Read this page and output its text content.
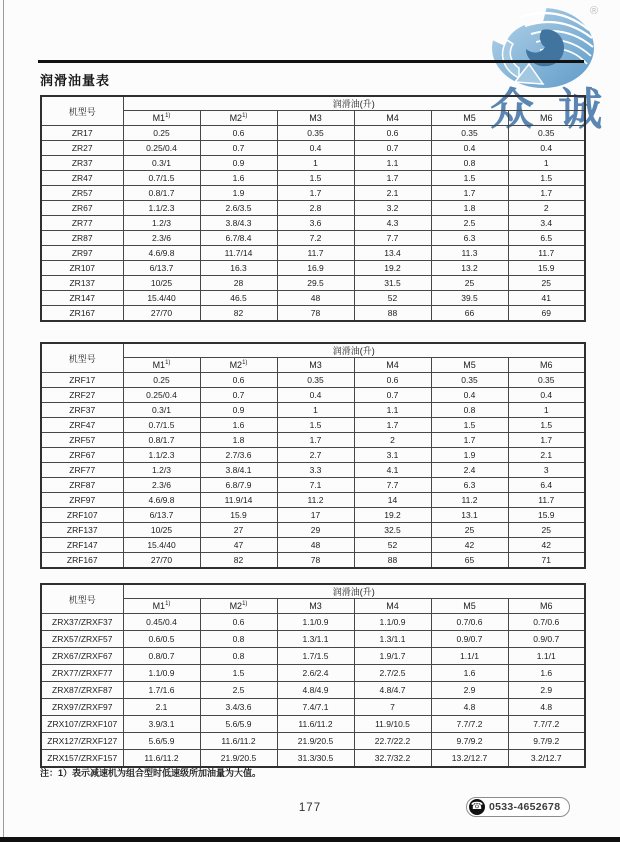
®
众 诚
润滑油量表
机型号	润滑油(升)					
	M1$^{1)}$	M2$^{1)}$	M3	M4	M5	M6
ZR17	0.25	0.6	0.35	0.6	0.35	0.35
ZR27	0.25/0.4	0.7	0.4	0.7	0.4	0.4
ZR37	0.3/1	0.9	1	1.1	0.8	1
ZR47	0.7/1.5	1.6	1.5	1.7	1.5	1.5
ZR57	0.8/1.7	1.9	1.7	2.1	1.7	1.7
ZR67	1.1/2.3	2.6/3.5	2.8	3.2	1.8	2
ZR77	1.2/3	3.8/4.3	3.6	4.3	2.5	3.4
ZR87	2.3/6	6.7/8.4	7.2	7.7	6.3	6.5
ZR97	4.6/9.8	11.7/14	11.7	13.4	11.3	11.7
ZR107	6/13.7	16.3	16.9	19.2	13.2	15.9
ZR137	10/25	28	29.5	31.5	25	25
ZR147	15.4/40	46.5	48	52	39.5	41
ZR167	27/70	82	78	88	66	69
机型号	润滑油(升)					
	M1$^{1)}$	M2$^{1)}$	M3	M4	M5	M6
ZRF17	0.25	0.6	0.35	0.6	0.35	0.35
ZRF27	0.25/0.4	0.7	0.4	0.7	0.4	0.4
ZRF37	0.3/1	0.9	1	1.1	0.8	1
ZRF47	0.7/1.5	1.6	1.5	1.7	1.5	1.5
ZRF57	0.8/1.7	1.8	1.7	2	1.7	1.7
ZRF67	1.1/2.3	2.7/3.6	2.7	3.1	1.9	2.1
ZRF77	1.2/3	3.8/4.1	3.3	4.1	2.4	3
ZRF87	2.3/6	6.8/7.9	7.1	7.7	6.3	6.4
ZRF97	4.6/9.8	11.9/14	11.2	14	11.2	11.7
ZRF107	6/13.7	15.9	17	19.2	13.1	15.9
ZRF137	10/25	27	29	32.5	25	25
ZRF147	15.4/40	47	48	52	42	42
ZRF167	27/70	82	78	88	65	71
机型号	润滑油(升)					
	M1$^{1)}$	M2$^{1)}$	M3	M4	M5	M6
ZRX37/ZRXF37	0.45/0.4	0.6	1.1/0.9	1.1/0.9	0.7/0.6	0.7/0.6
ZRX57/ZRXF57	0.6/0.5	0.8	1.3/1.1	1.3/1.1	0.9/0.7	0.9/0.7
ZRX67/ZRXF67	0.8/0.7	0.8	1.7/1.5	1.9/1.7	1.1/1	1.1/1
ZRX77/ZRXF77	1.1/0.9	1.5	2.6/2.4	2.7/2.5	1.6	1.6
ZRX87/ZRXF87	1.7/1.6	2.5	4.8/4.9	4.8/4.7	2.9	2.9
ZRX97/ZRXF97	2.1	3.4/3.6	7.4/7.1	7	4.8	4.8
ZRX107/ZRXF107	3.9/3.1	5.6/5.9	11.6/11.2	11.9/10.5	7.7/7.2	7.7/7.2
ZRX127/ZRXF127	5.6/5.9	11.6/11.2	21.9/20.5	22.7/22.2	9.7/9.2	9.7/9.2
ZRX157/ZRXF157	11.6/11.2	21.9/20.5	31.3/30.5	32.7/32.2	13.2/12.7	3.2/12.7
注：1）表示减速机为组合型时低速级所加油量为大值。
177	☎ 0533-4652678
